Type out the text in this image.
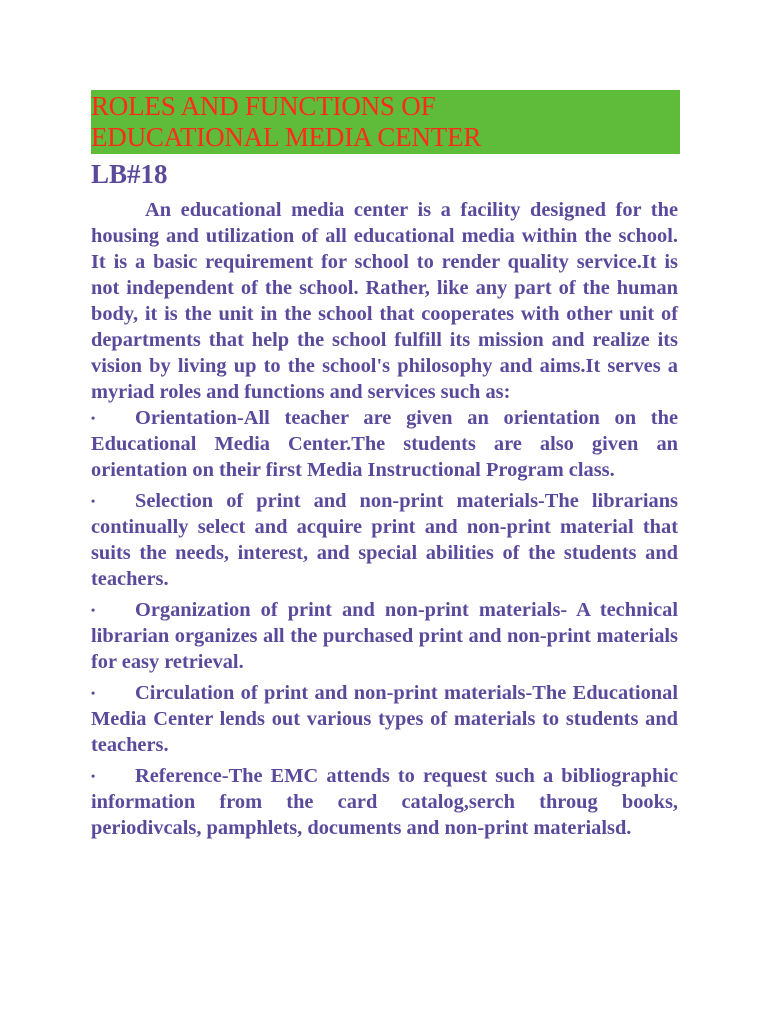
ROLES AND FUNCTIONS OF
EDUCATIONAL MEDIA CENTER
LB#18

An educational media center is a facility designed for the housing and utilization of all educational media within the school. It is a basic requirement for school to render quality service.It is not independent of the school. Rather, like any part of the human body, it is the unit in the school that cooperates with other unit of departments that help the school fulfill its mission and realize its vision by living up to the school's philosophy and aims.It serves a myriad roles and functions and services such as:

• Orientation-All teacher are given an orientation on the Educational Media Center.The students are also given an orientation on their first Media Instructional Program class.
• Selection of print and non-print materials-The librarians continually select and acquire print and non-print material that suits the needs, interest, and special abilities of the students and teachers.
• Organization of print and non-print materials- A technical librarian organizes all the purchased print and non-print materials for easy retrieval.
• Circulation of print and non-print materials-The Educational Media Center lends out various types of materials to students and teachers.
• Reference-The EMC attends to request such a bibliographic information from the card catalog,serch throug books, periodivcals, pamphlets, documents and non-print materialsd.
